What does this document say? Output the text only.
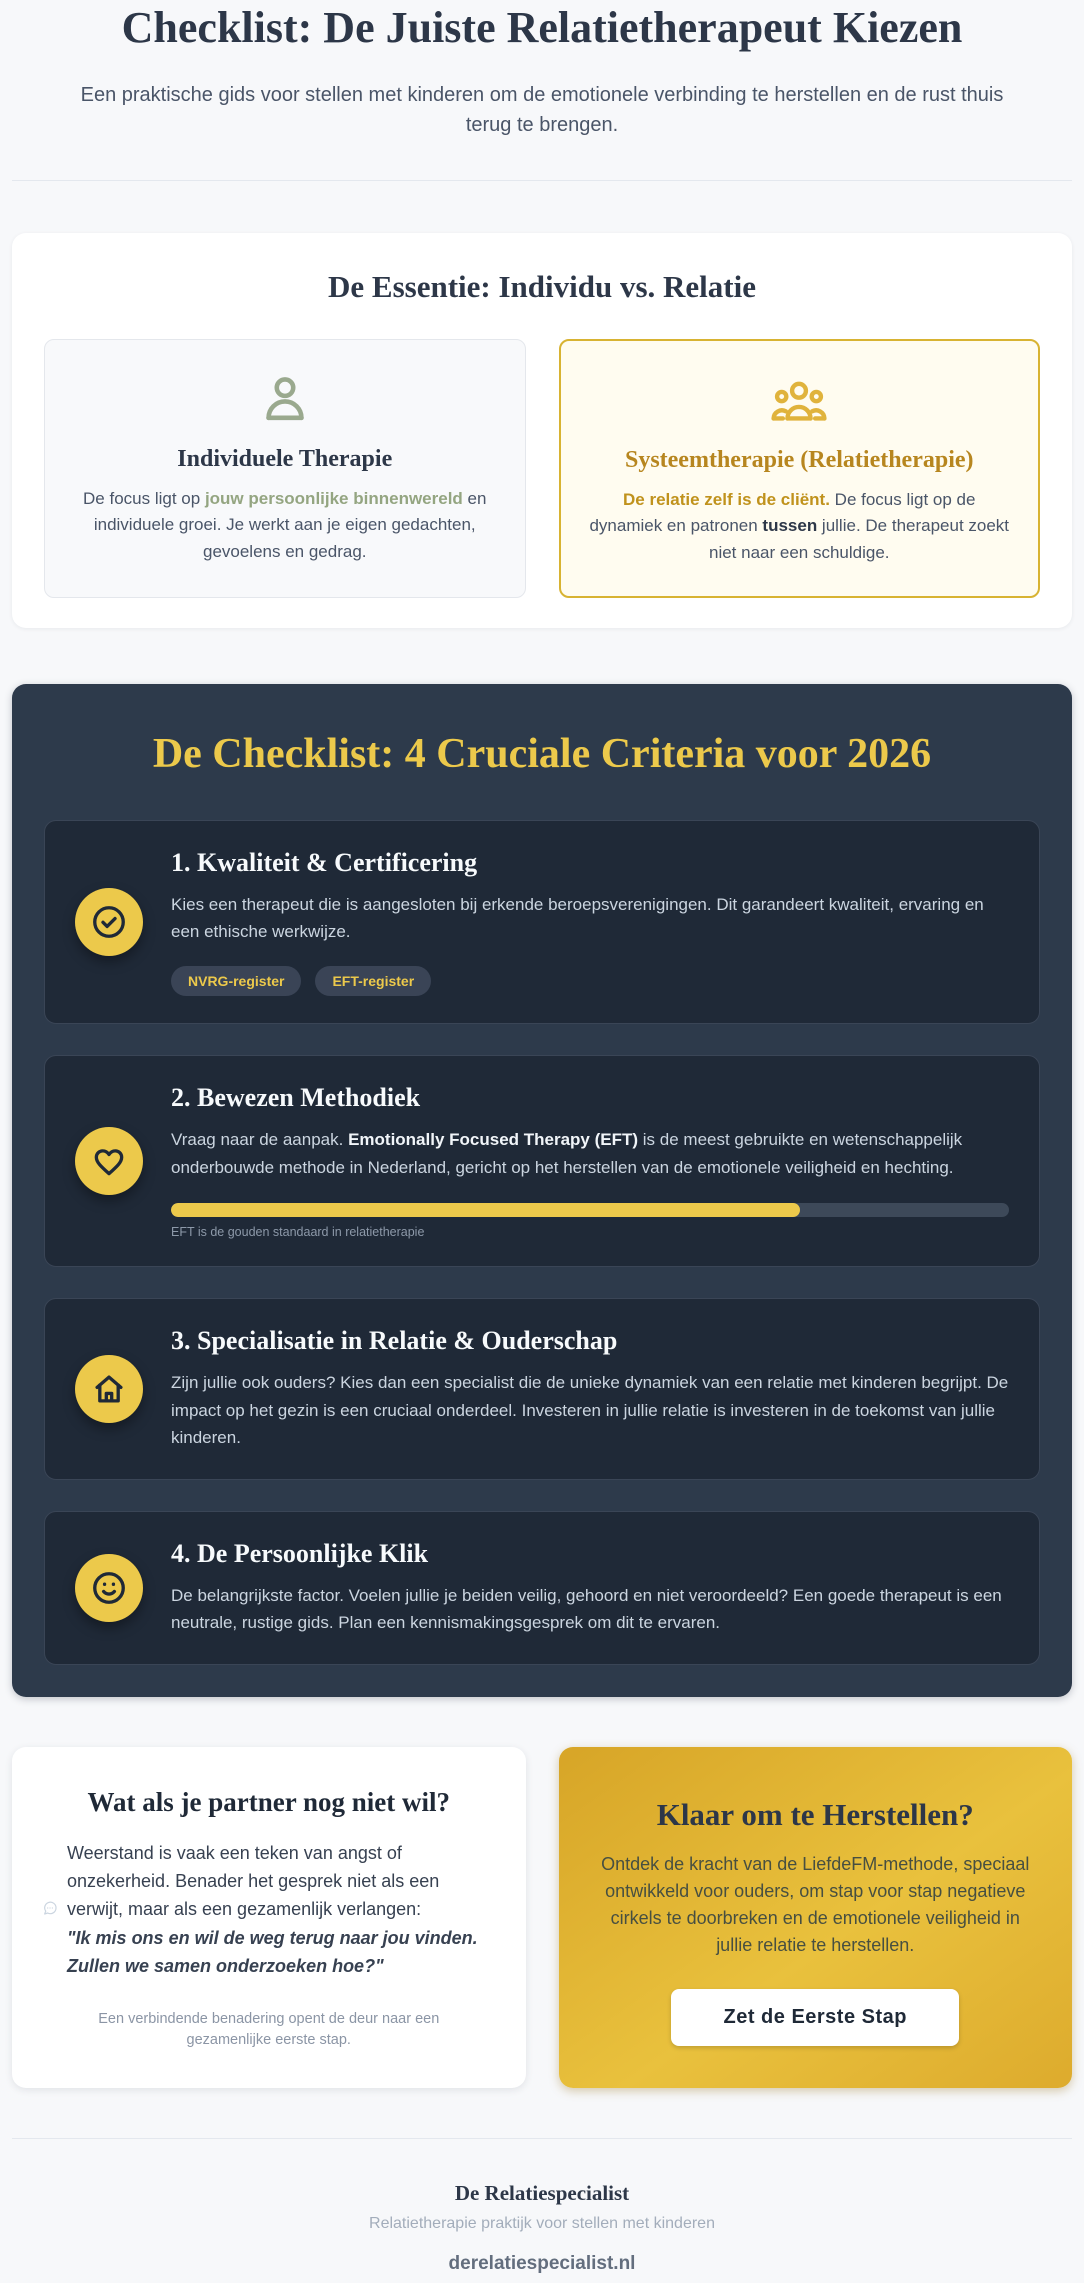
Checklist: De Juiste Relatietherapeut Kiezen

Een praktische gids voor stellen met kinderen om de emotionele verbinding te herstellen en de rust thuis terug te brengen.

De Essentie: Individu vs. Relatie
Individuele Therapie

De focus ligt op jouw persoonlijke binnenwereld en individuele groei. Je werkt aan je eigen gedachten, gevoelens en gedrag.

Systeemtherapie (Relatietherapie)

De relatie zelf is de cliënt. De focus ligt op de dynamiek en patronen tussen jullie. De therapeut zoekt niet naar een schuldige.

De Checklist: 4 Cruciale Criteria voor 2026
1. Kwaliteit & Certificering

Kies een therapeut die is aangesloten bij erkende beroepsverenigingen. Dit garandeert kwaliteit, ervaring en een ethische werkwijze.

NVRG-register	EFT-register
2. Bewezen Methodiek

Vraag naar de aanpak. Emotionally Focused Therapy (EFT) is de meest gebruikte en wetenschappelijk onderbouwde methode in Nederland, gericht op het herstellen van de emotionele veiligheid en hechting.

EFT is de gouden standaard in relatietherapie

3. Specialisatie in Relatie & Ouderschap

Zijn jullie ook ouders? Kies dan een specialist die de unieke dynamiek van een relatie met kinderen begrijpt. De impact op het gezin is een cruciaal onderdeel. Investeren in jullie relatie is investeren in de toekomst van jullie kinderen.

4. De Persoonlijke Klik

De belangrijkste factor. Voelen jullie je beiden veilig, gehoord en niet veroordeeld? Een goede therapeut is een neutrale, rustige gids. Plan een kennismakingsgesprek om dit te ervaren.

Wat als je partner nog niet wil?

Weerstand is vaak een teken van angst of onzekerheid. Benader het gesprek niet als een verwijt, maar als een gezamenlijk verlangen:

"Ik mis ons en wil de weg terug naar jou vinden. Zullen we samen onderzoeken hoe?"

Een verbindende benadering opent de deur naar een gezamenlijke eerste stap.

Klaar om te Herstellen?

Ontdek de kracht van de LiefdeFM-methode, speciaal ontwikkeld voor ouders, om stap voor stap negatieve cirkels te doorbreken en de emotionele veiligheid in jullie relatie te herstellen.

Zet de Eerste Stap

De Relatiespecialist

Relatietherapie praktijk voor stellen met kinderen

derelatiespecialist.nl
